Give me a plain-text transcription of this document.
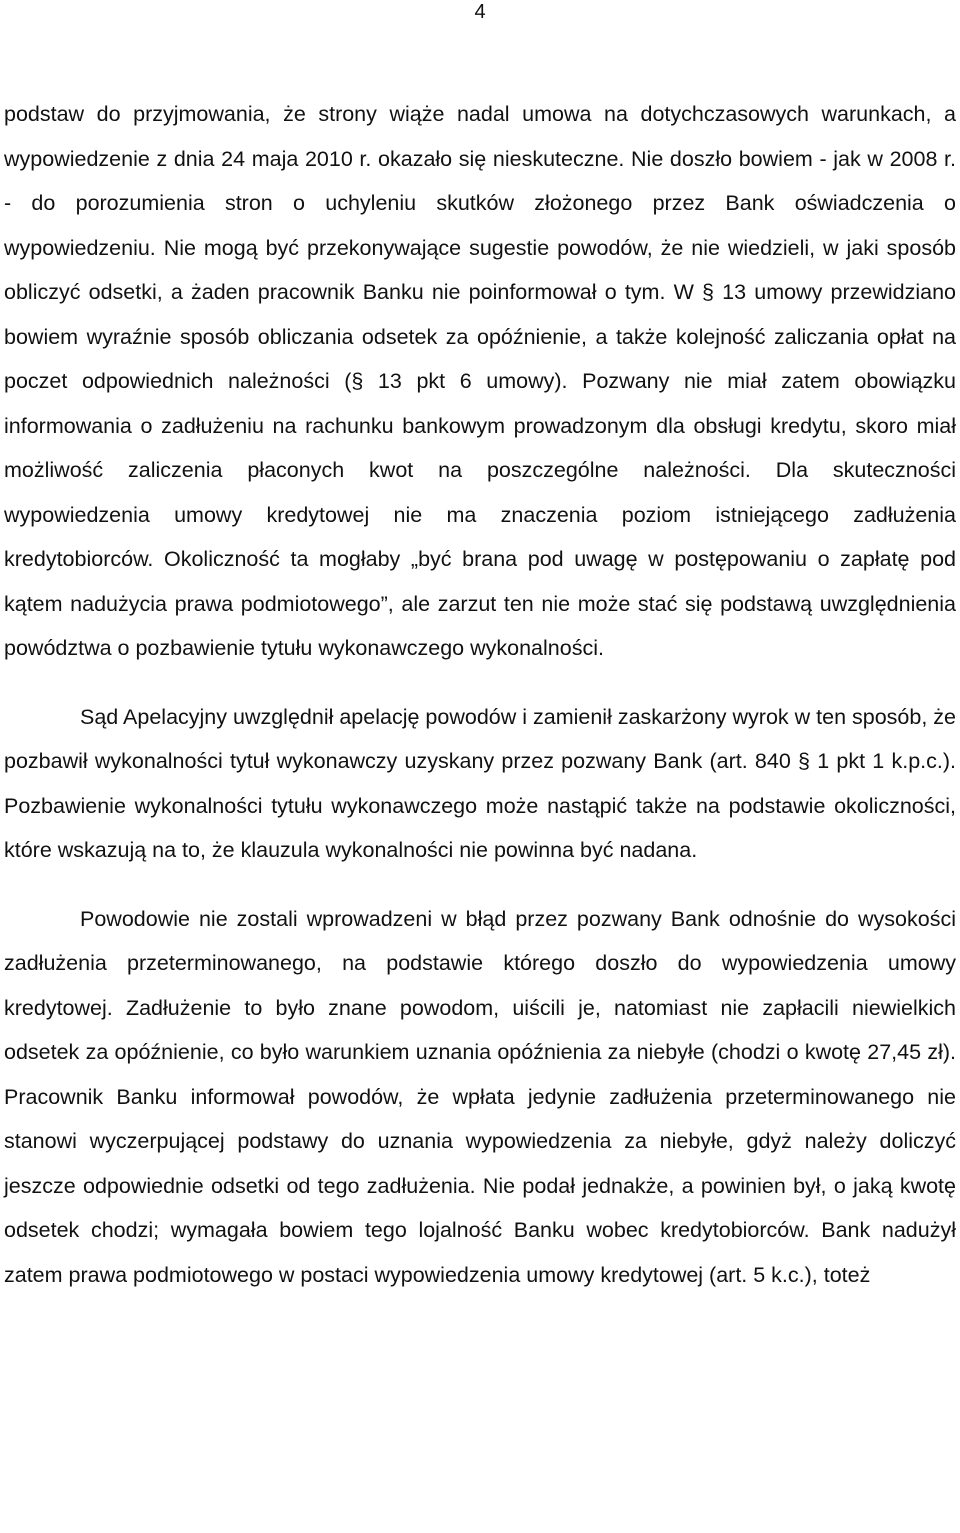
4

podstaw do przyjmowania, że strony wiąże nadal umowa na dotychczasowych warunkach, a wypowiedzenie z dnia 24 maja 2010 r. okazało się nieskuteczne. Nie doszło bowiem - jak w 2008 r. - do porozumienia stron o uchyleniu skutków złożonego przez Bank oświadczenia o wypowiedzeniu. Nie mogą być przekonywające sugestie powodów, że nie wiedzieli, w jaki sposób obliczyć odsetki, a żaden pracownik Banku nie poinformował o tym. W § 13 umowy przewidziano bowiem wyraźnie sposób obliczania odsetek za opóźnienie, a także kolejność zaliczania opłat na poczet odpowiednich należności (§ 13 pkt 6 umowy). Pozwany nie miał zatem obowiązku informowania o zadłużeniu na rachunku bankowym prowadzonym dla obsługi kredytu, skoro miał możliwość zaliczenia płaconych kwot na poszczególne należności. Dla skuteczności wypowiedzenia umowy kredytowej nie ma znaczenia poziom istniejącego zadłużenia kredytobiorców. Okoliczność ta mogłaby „być brana pod uwagę w postępowaniu o zapłatę pod kątem nadużycia prawa podmiotowego”, ale zarzut ten nie może stać się podstawą uwzględnienia powództwa o pozbawienie tytułu wykonawczego wykonalności.

Sąd Apelacyjny uwzględnił apelację powodów i zamienił zaskarżony wyrok w ten sposób, że pozbawił wykonalności tytuł wykonawczy uzyskany przez pozwany Bank (art. 840 § 1 pkt 1 k.p.c.). Pozbawienie wykonalności tytułu wykonawczego może nastąpić także na podstawie okoliczności, które wskazują na to, że klauzula wykonalności nie powinna być nadana.

Powodowie nie zostali wprowadzeni w błąd przez pozwany Bank odnośnie do wysokości zadłużenia przeterminowanego, na podstawie którego doszło do wypowiedzenia umowy kredytowej. Zadłużenie to było znane powodom, uiścili je, natomiast nie zapłacili niewielkich odsetek za opóźnienie, co było warunkiem uznania opóźnienia za niebyłe (chodzi o kwotę 27,45 zł). Pracownik Banku informował powodów, że wpłata jedynie zadłużenia przeterminowanego nie stanowi wyczerpującej podstawy do uznania wypowiedzenia za niebyłe, gdyż należy doliczyć jeszcze odpowiednie odsetki od tego zadłużenia. Nie podał jednakże, a powinien był, o jaką kwotę odsetek chodzi; wymagała bowiem tego lojalność Banku wobec kredytobiorców. Bank nadużył zatem prawa podmiotowego w postaci wypowiedzenia umowy kredytowej (art. 5 k.c.), toteż
